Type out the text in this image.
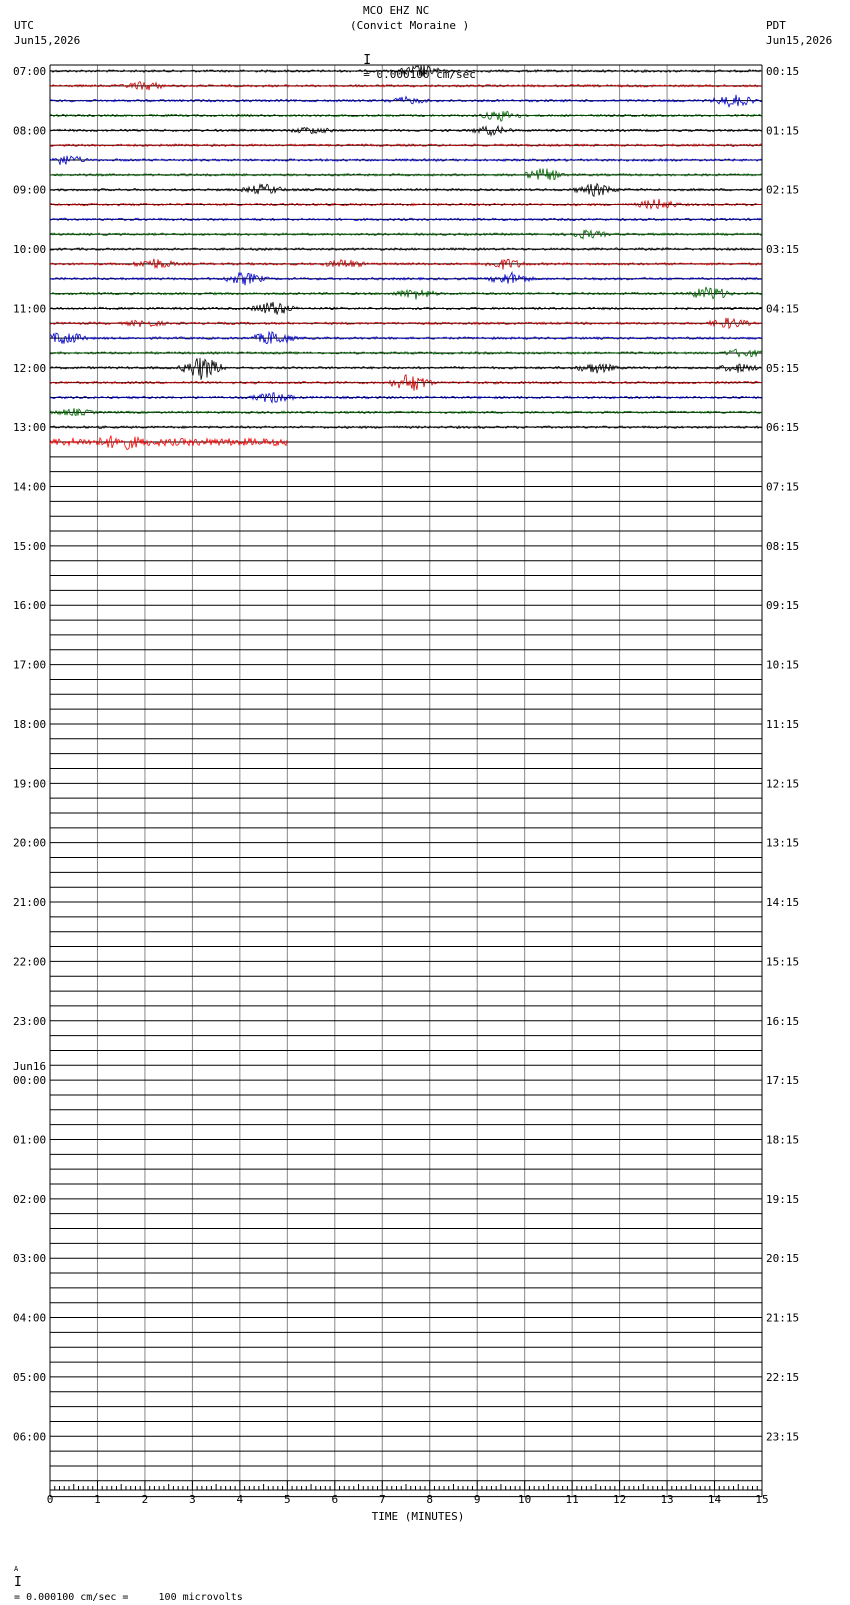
MCO EHZ NC
(Convict Moraine )

I
= 0.000100 cm/sec

UTC
Jun15,2026
PDT
Jun15,2026
07:00
08:00
09:00
10:00
11:00
12:00
13:00
14:00
15:00
16:00
17:00
18:00
19:00
20:00
21:00
22:00
23:00
00:00
Jun16
01:00
02:00
03:00
04:00
05:00
06:00
00:15
01:15
02:15
03:15
04:15
05:15
06:15
07:15
08:15
09:15
10:15
11:15
12:15
13:15
14:15
15:15
16:15
17:15
18:15
19:15
20:15
21:15
22:15
23:15
0	1	2	3	4	5	6	7	8	9	10	11	12	13	14	15
TIME (MINUTES)

A
I
= 0.000100 cm/sec =     100 microvolts
